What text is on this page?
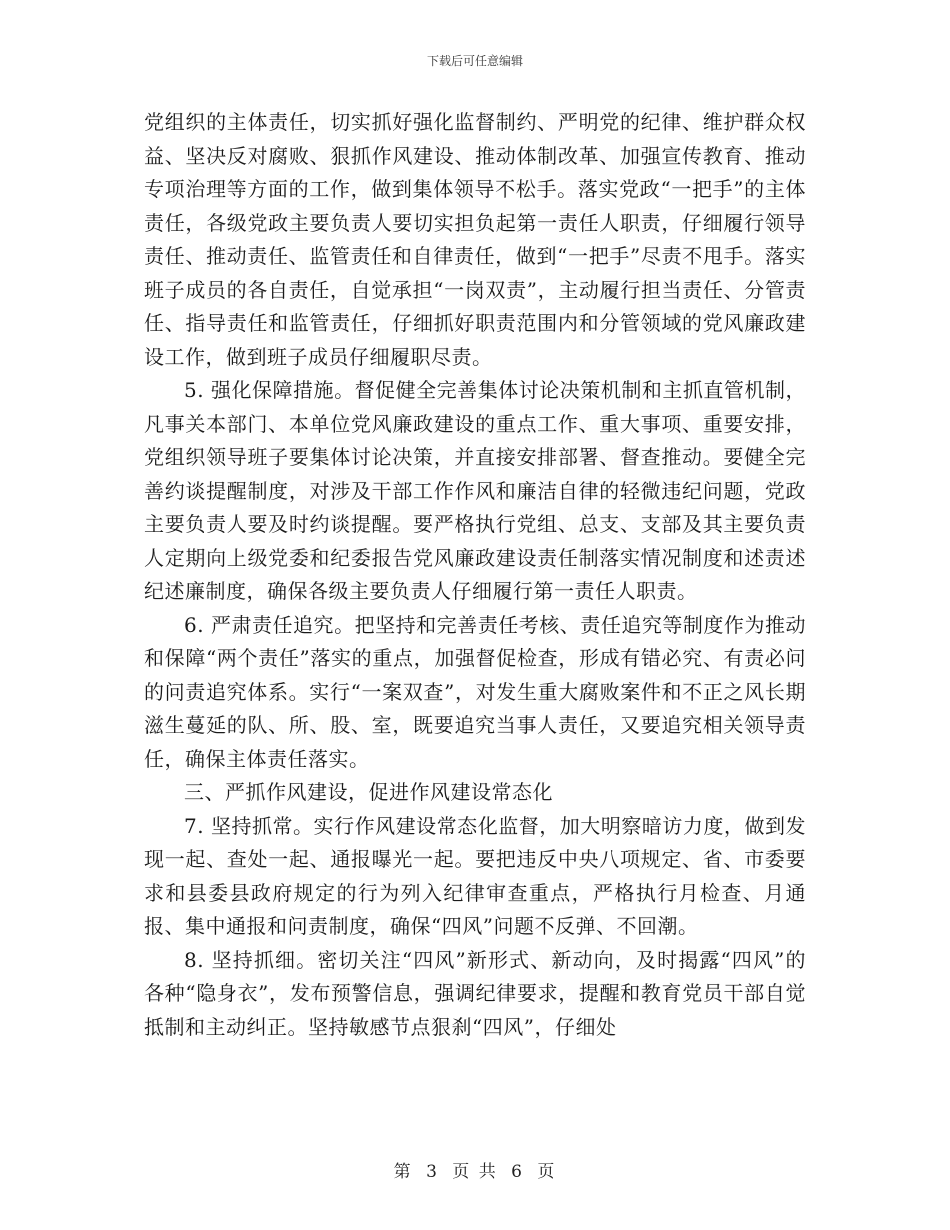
下载后可任意编辑

党组织的主体责任，切实抓好强化监督制约、严明党的纪律、维护群众权益、坚决反对腐败、狠抓作风建设、推动体制改革、加强宣传教育、推动专项治理等方面的工作，做到集体领导不松手。落实党政“一把手”的主体责任，各级党政主要负责人要切实担负起第一责任人职责，仔细履行领导责任、推动责任、监管责任和自律责任，做到“一把手”尽责不甩手。落实班子成员的各自责任，自觉承担“一岗双责”，主动履行担当责任、分管责任、指导责任和监管责任，仔细抓好职责范围内和分管领域的党风廉政建设工作，做到班子成员仔细履职尽责。

5. 强化保障措施。督促健全完善集体讨论决策机制和主抓直管机制，凡事关本部门、本单位党风廉政建设的重点工作、重大事项、重要安排，党组织领导班子要集体讨论决策，并直接安排部署、督查推动。要健全完善约谈提醒制度，对涉及干部工作作风和廉洁自律的轻微违纪问题，党政主要负责人要及时约谈提醒。要严格执行党组、总支、支部及其主要负责人定期向上级党委和纪委报告党风廉政建设责任制落实情况制度和述责述纪述廉制度，确保各级主要负责人仔细履行第一责任人职责。

6. 严肃责任追究。把坚持和完善责任考核、责任追究等制度作为推动和保障“两个责任”落实的重点，加强督促检查，形成有错必究、有责必问的问责追究体系。实行“一案双查”，对发生重大腐败案件和不正之风长期滋生蔓延的队、所、股、室，既要追究当事人责任，又要追究相关领导责任，确保主体责任落实。

三、严抓作风建设，促进作风建设常态化

7. 坚持抓常。实行作风建设常态化监督，加大明察暗访力度，做到发现一起、查处一起、通报曝光一起。要把违反中央八项规定、省、市委要求和县委县政府规定的行为列入纪律审查重点，严格执行月检查、月通报、集中通报和问责制度，确保“四风”问题不反弹、不回潮。

8. 坚持抓细。密切关注“四风”新形式、新动向，及时揭露“四风”的各种“隐身衣”，发布预警信息，强调纪律要求，提醒和教育党员干部自觉抵制和主动纠正。坚持敏感节点狠刹“四风”，仔细处

第 3 页 共 6 页
